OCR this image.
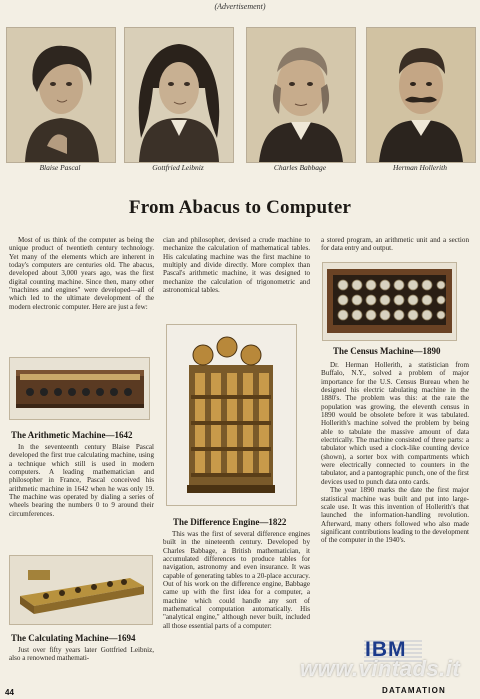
(Advertisement)
Blaise Pascal	Gottfried Leibniz	Charles Babbage	Herman Hollerith
From Abacus to Computer

Most of us think of the computer as being the unique product of twentieth century technology. Yet many of the elements which are inherent in today's computers are centuries old. The abacus, developed about 3,000 years ago, was the first digital counting machine. Since then, many other "machines and engines" were developed—all of which led to the ultimate development of the modern electronic computer. Here are just a few:

The Arithmetic Machine—1642

In the seventeenth century Blaise Pascal developed the first true calculating machine, using a technique which still is used in modern computers. A leading mathematician and philosopher in France, Pascal conceived his arithmetic machine in 1642 when he was only 19. The machine was operated by dialing a series of wheels bearing the numbers 0 to 9 around their circumferences.

The Calculating Machine—1694

Just over fifty years later Gottfried Leibniz, also a renowned mathemati-

cian and philosopher, devised a crude machine to mechanize the calculation of mathematical tables. His calculating machine was the first machine to multiply and divide directly. More complex than Pascal's arithmetic machine, it was designed to mechanize the calculation of trigonometric and astronomical tables.

The Difference Engine—1822

This was the first of several difference engines built in the nineteenth century. Developed by Charles Babbage, a British mathematician, it accumulated differences to produce tables for navigation, astronomy and even insurance. It was capable of generating tables to a 20-place accuracy. Out of his work on the difference engine, Babbage came up with the first idea for a computer, a machine which could handle any sort of mathematical computation automatically. His "analytical engine," although never built, included all those essential parts of a computer:

a stored program, an arithmetic unit and a section for data entry and output.

The Census Machine—1890

Dr. Herman Hollerith, a statistician from Buffalo, N.Y., solved a problem of major importance for the U.S. Census Bureau when he designed his electric tabulating machine in the 1880's. The problem was this: at the rate the population was growing, the eleventh census in 1890 would be obsolete before it was tabulated. Hollerith's machine solved the problem by being able to tabulate the massive amount of data electrically. The machine consisted of three parts: a tabulator which used a clock-like counting device (shown), a sorter box with compartments which were electrically connected to counters in the tabulator, and a pantographic punch, one of the first devices used to punch data onto cards.

The year 1890 marks the date the first major statistical machine was built and put into large-scale use. It was this invention of Hollerith's that launched the information-handling revolution. Afterward, many others followed who also made significant contributions leading to the development of the computer in the 1940's.

IBM
www.vintads.it
DATAMATION
44
